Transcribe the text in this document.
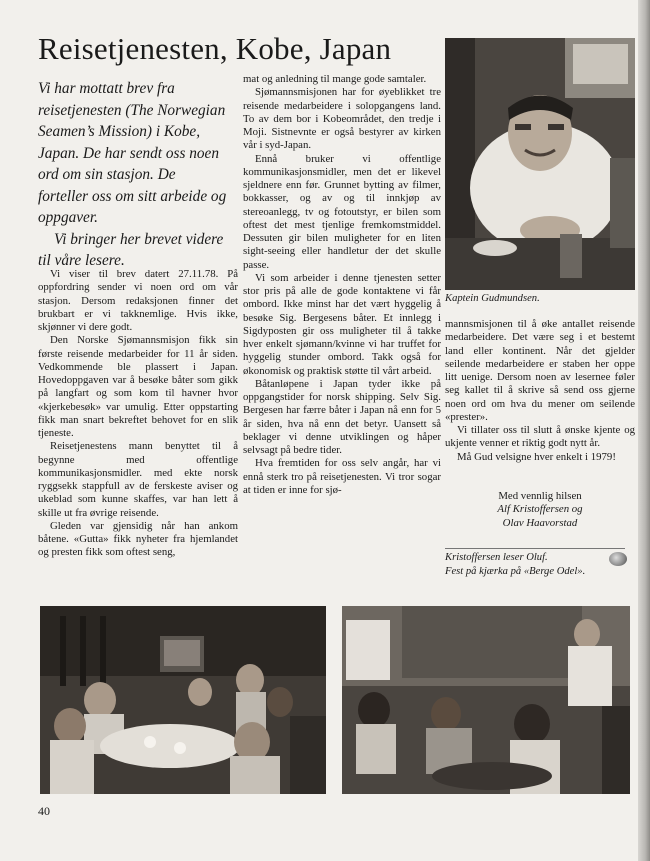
Reisetjenesten, Kobe, Japan

Vi har mottatt brev fra

reisetjenesten (The Norwegian

Seamen’s Mission) i Kobe,

Japan. De har sendt oss noen

ord om sin stasjon. De

forteller oss om sitt arbeide og

oppgaver.

Vi bringer her brevet videre

til våre lesere.

Vi viser til brev datert 27.11.78. På oppfordring sender vi noen ord om vår stasjon. Dersom redaksjonen finner det brukbart er vi takknemlige. Hvis ikke, skjønner vi dere godt.

Den Norske Sjømannsmisjon fikk sin første reisende medarbeider for 11 år siden. Vedkommende ble plassert i Japan. Hovedoppgaven var å besøke båter som gikk på langfart og som kom til havner hvor «kjerkebesøk» var umulig. Etter oppstarting fikk man snart bekreftet behovet for en slik tjeneste.

Reisetjenestens mann benyttet til å begynne med offentlige kommunikasjonsmidler. med ekte norsk ryggsekk stappfull av de ferskeste aviser og ukeblad som kunne skaffes, var han lett å skille ut fra øvrige reisende.

Gleden var gjensidig når han ankom båtene. «Gutta» fikk nyheter fra hjemlandet og presten fikk som oftest seng,

mat og anledning til mange gode samtaler.

Sjømannsmisjonen har for øyeblikket tre reisende medarbeidere i solopgangens land. To av dem bor i Kobeområdet, den tredje i Moji. Sistnevnte er også bestyrer av kirken vår i syd-Japan.

Ennå bruker vi offentlige kommunikasjonsmidler, men det er likevel sjeldnere enn før. Grunnet bytting av filmer, bokkasser, og av og til innkjøp av stereoanlegg, tv og fotoutstyr, er bilen som oftest det mest tjenlige fremkomstmiddel. Dessuten gir bilen muligheter for en liten sight-seeing eller handletur der det skulle passe.

Vi som arbeider i denne tjenesten setter stor pris på alle de gode kontaktene vi får ombord. Ikke minst har det vært hyggelig å besøke Sig. Bergesens båter. Et innlegg i Sigdyposten gir oss muligheter til å takke hver enkelt sjømann/kvinne vi har truffet for hyggelig stunder ombord. Takk også for økonomisk og praktisk støtte til vårt arbeid.

Båtanløpene i Japan tyder ikke på oppgangstider for norsk shipping. Selv Sig. Bergesen har færre båter i Japan nå enn for 5 år siden, hva nå enn det betyr. Uansett så beklager vi denne utviklingen og håper selvsagt på bedre tider.

Hva fremtiden for oss selv angår, har vi ennå sterk tro på reisetjenesten. Vi tror sogar at tiden er inne for sjø-

Kaptein Gudmundsen.

mannsmisjonen til å øke antallet reisende medarbeidere. Det være seg i et bestemt land eller kontinent. Når det gjelder seilende medarbeidere er staben her oppe litt uenige. Dersom noen av lesernee føler seg kallet til å skrive så send oss gjerne noen ord om hva du mener om seilende «prester».

Vi tillater oss til slutt å ønske kjente og ukjente venner et riktig godt nytt år.

Må Gud velsigne hver enkelt i 1979!

Med vennlig hilsen
Alf Kristoffersen og
Olav Haavorstad
Kristoffersen leser Oluf.
Fest på kjærka på «Berge Odel».
40
